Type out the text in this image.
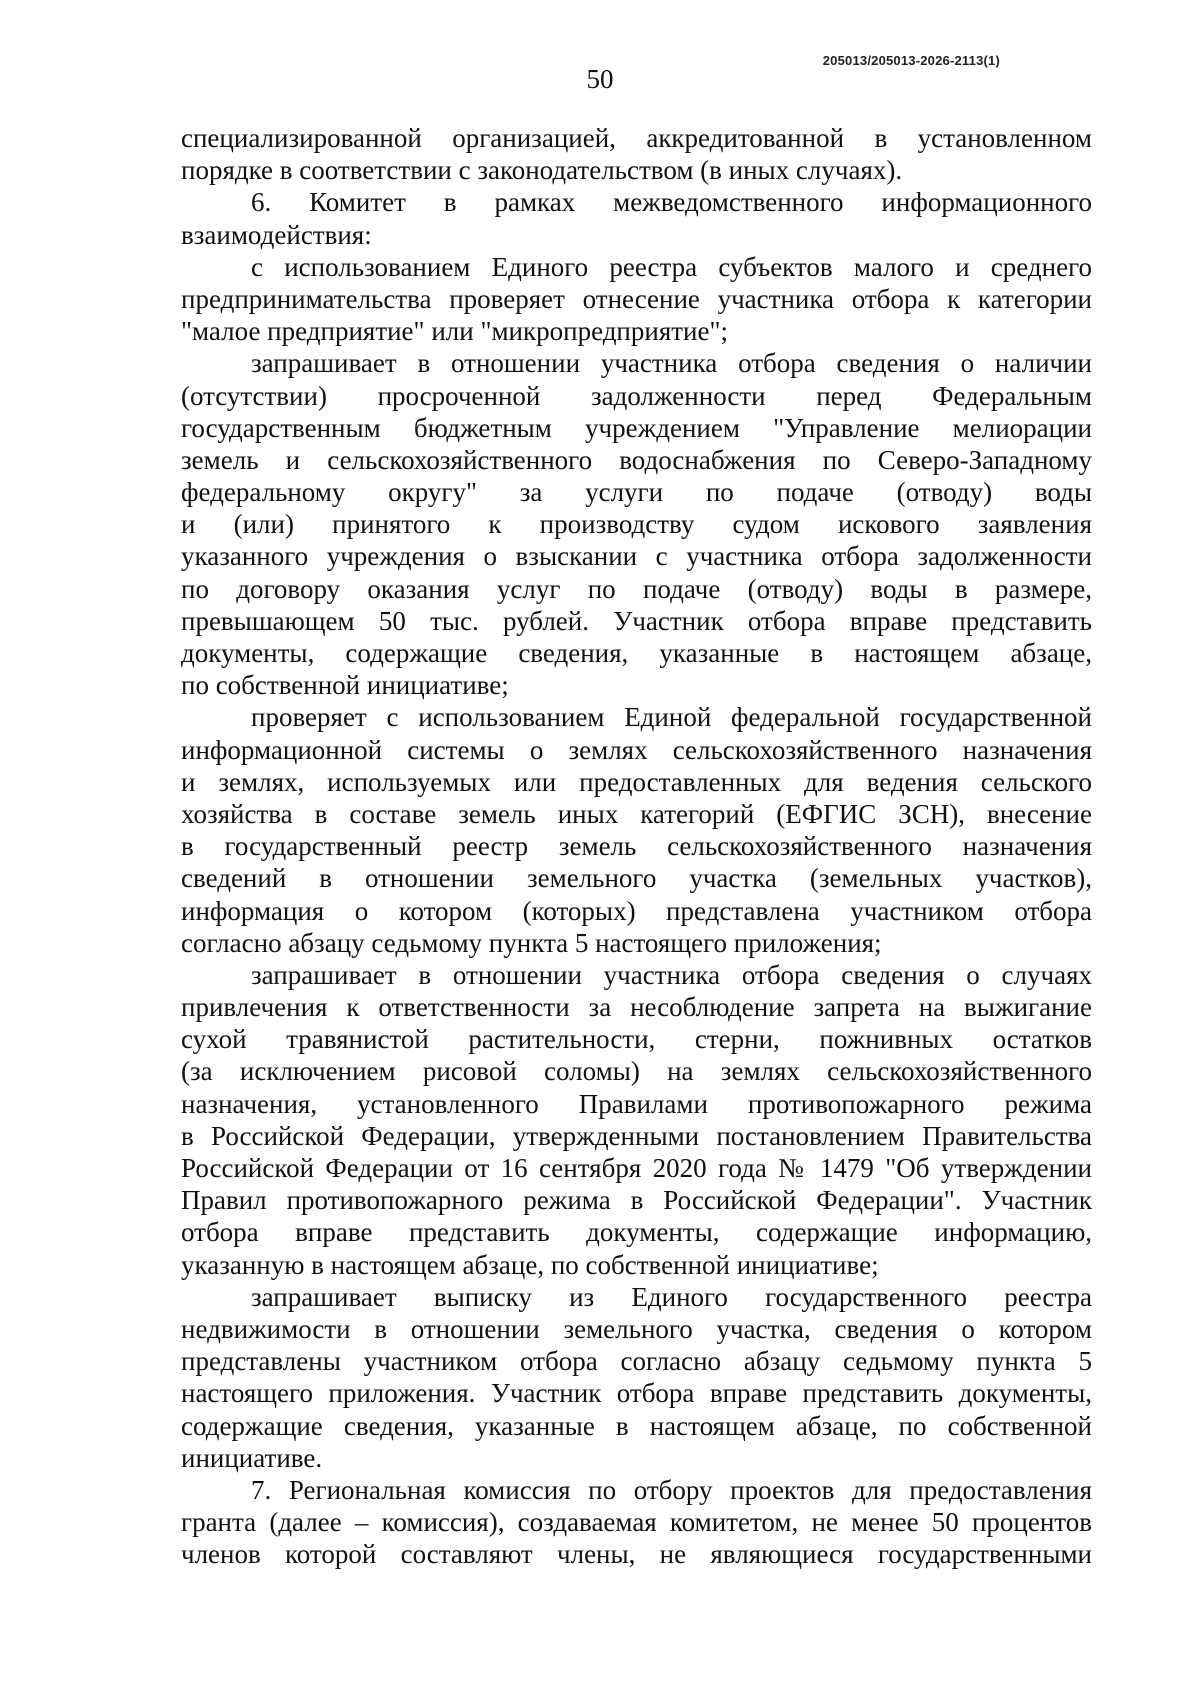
205013/205013-2026-2113(1)
50
специализированной организацией, аккредитованной в установленном
порядке в соответствии с законодательством (в иных случаях).
6. Комитет в рамках межведомственного информационного
взаимодействия:
с использованием Единого реестра субъектов малого и среднего
предпринимательства проверяет отнесение участника отбора к категории
"малое предприятие" или "микропредприятие";
запрашивает в отношении участника отбора сведения о наличии
(отсутствии) просроченной задолженности перед Федеральным
государственным бюджетным учреждением "Управление мелиорации
земель и сельскохозяйственного водоснабжения по Северо-Западному
федеральному округу" за услуги по подаче (отводу) воды
и (или) принятого к производству судом искового заявления
указанного учреждения о взыскании с участника отбора задолженности
по договору оказания услуг по подаче (отводу) воды в размере,
превышающем 50 тыс. рублей. Участник отбора вправе представить
документы, содержащие сведения, указанные в настоящем абзаце,
по собственной инициативе;
проверяет с использованием Единой федеральной государственной
информационной системы о землях сельскохозяйственного назначения
и землях, используемых или предоставленных для ведения сельского
хозяйства в составе земель иных категорий (ЕФГИС ЗСН), внесение
в государственный реестр земель сельскохозяйственного назначения
сведений в отношении земельного участка (земельных участков),
информация о котором (которых) представлена участником отбора
согласно абзацу седьмому пункта 5 настоящего приложения;
запрашивает в отношении участника отбора сведения о случаях
привлечения к ответственности за несоблюдение запрета на выжигание
сухой травянистой растительности, стерни, пожнивных остатков
(за исключением рисовой соломы) на землях сельскохозяйственного
назначения, установленного Правилами противопожарного режима
в Российской Федерации, утвержденными постановлением Правительства
Российской Федерации от 16 сентября 2020 года № 1479 "Об утверждении
Правил противопожарного режима в Российской Федерации". Участник
отбора вправе представить документы, содержащие информацию,
указанную в настоящем абзаце, по собственной инициативе;
запрашивает выписку из Единого государственного реестра
недвижимости в отношении земельного участка, сведения о котором
представлены участником отбора согласно абзацу седьмому пункта 5
настоящего приложения. Участник отбора вправе представить документы,
содержащие сведения, указанные в настоящем абзаце, по собственной
инициативе.
7. Региональная комиссия по отбору проектов для предоставления
гранта (далее – комиссия), создаваемая комитетом, не менее 50 процентов
членов которой составляют члены, не являющиеся государственными
